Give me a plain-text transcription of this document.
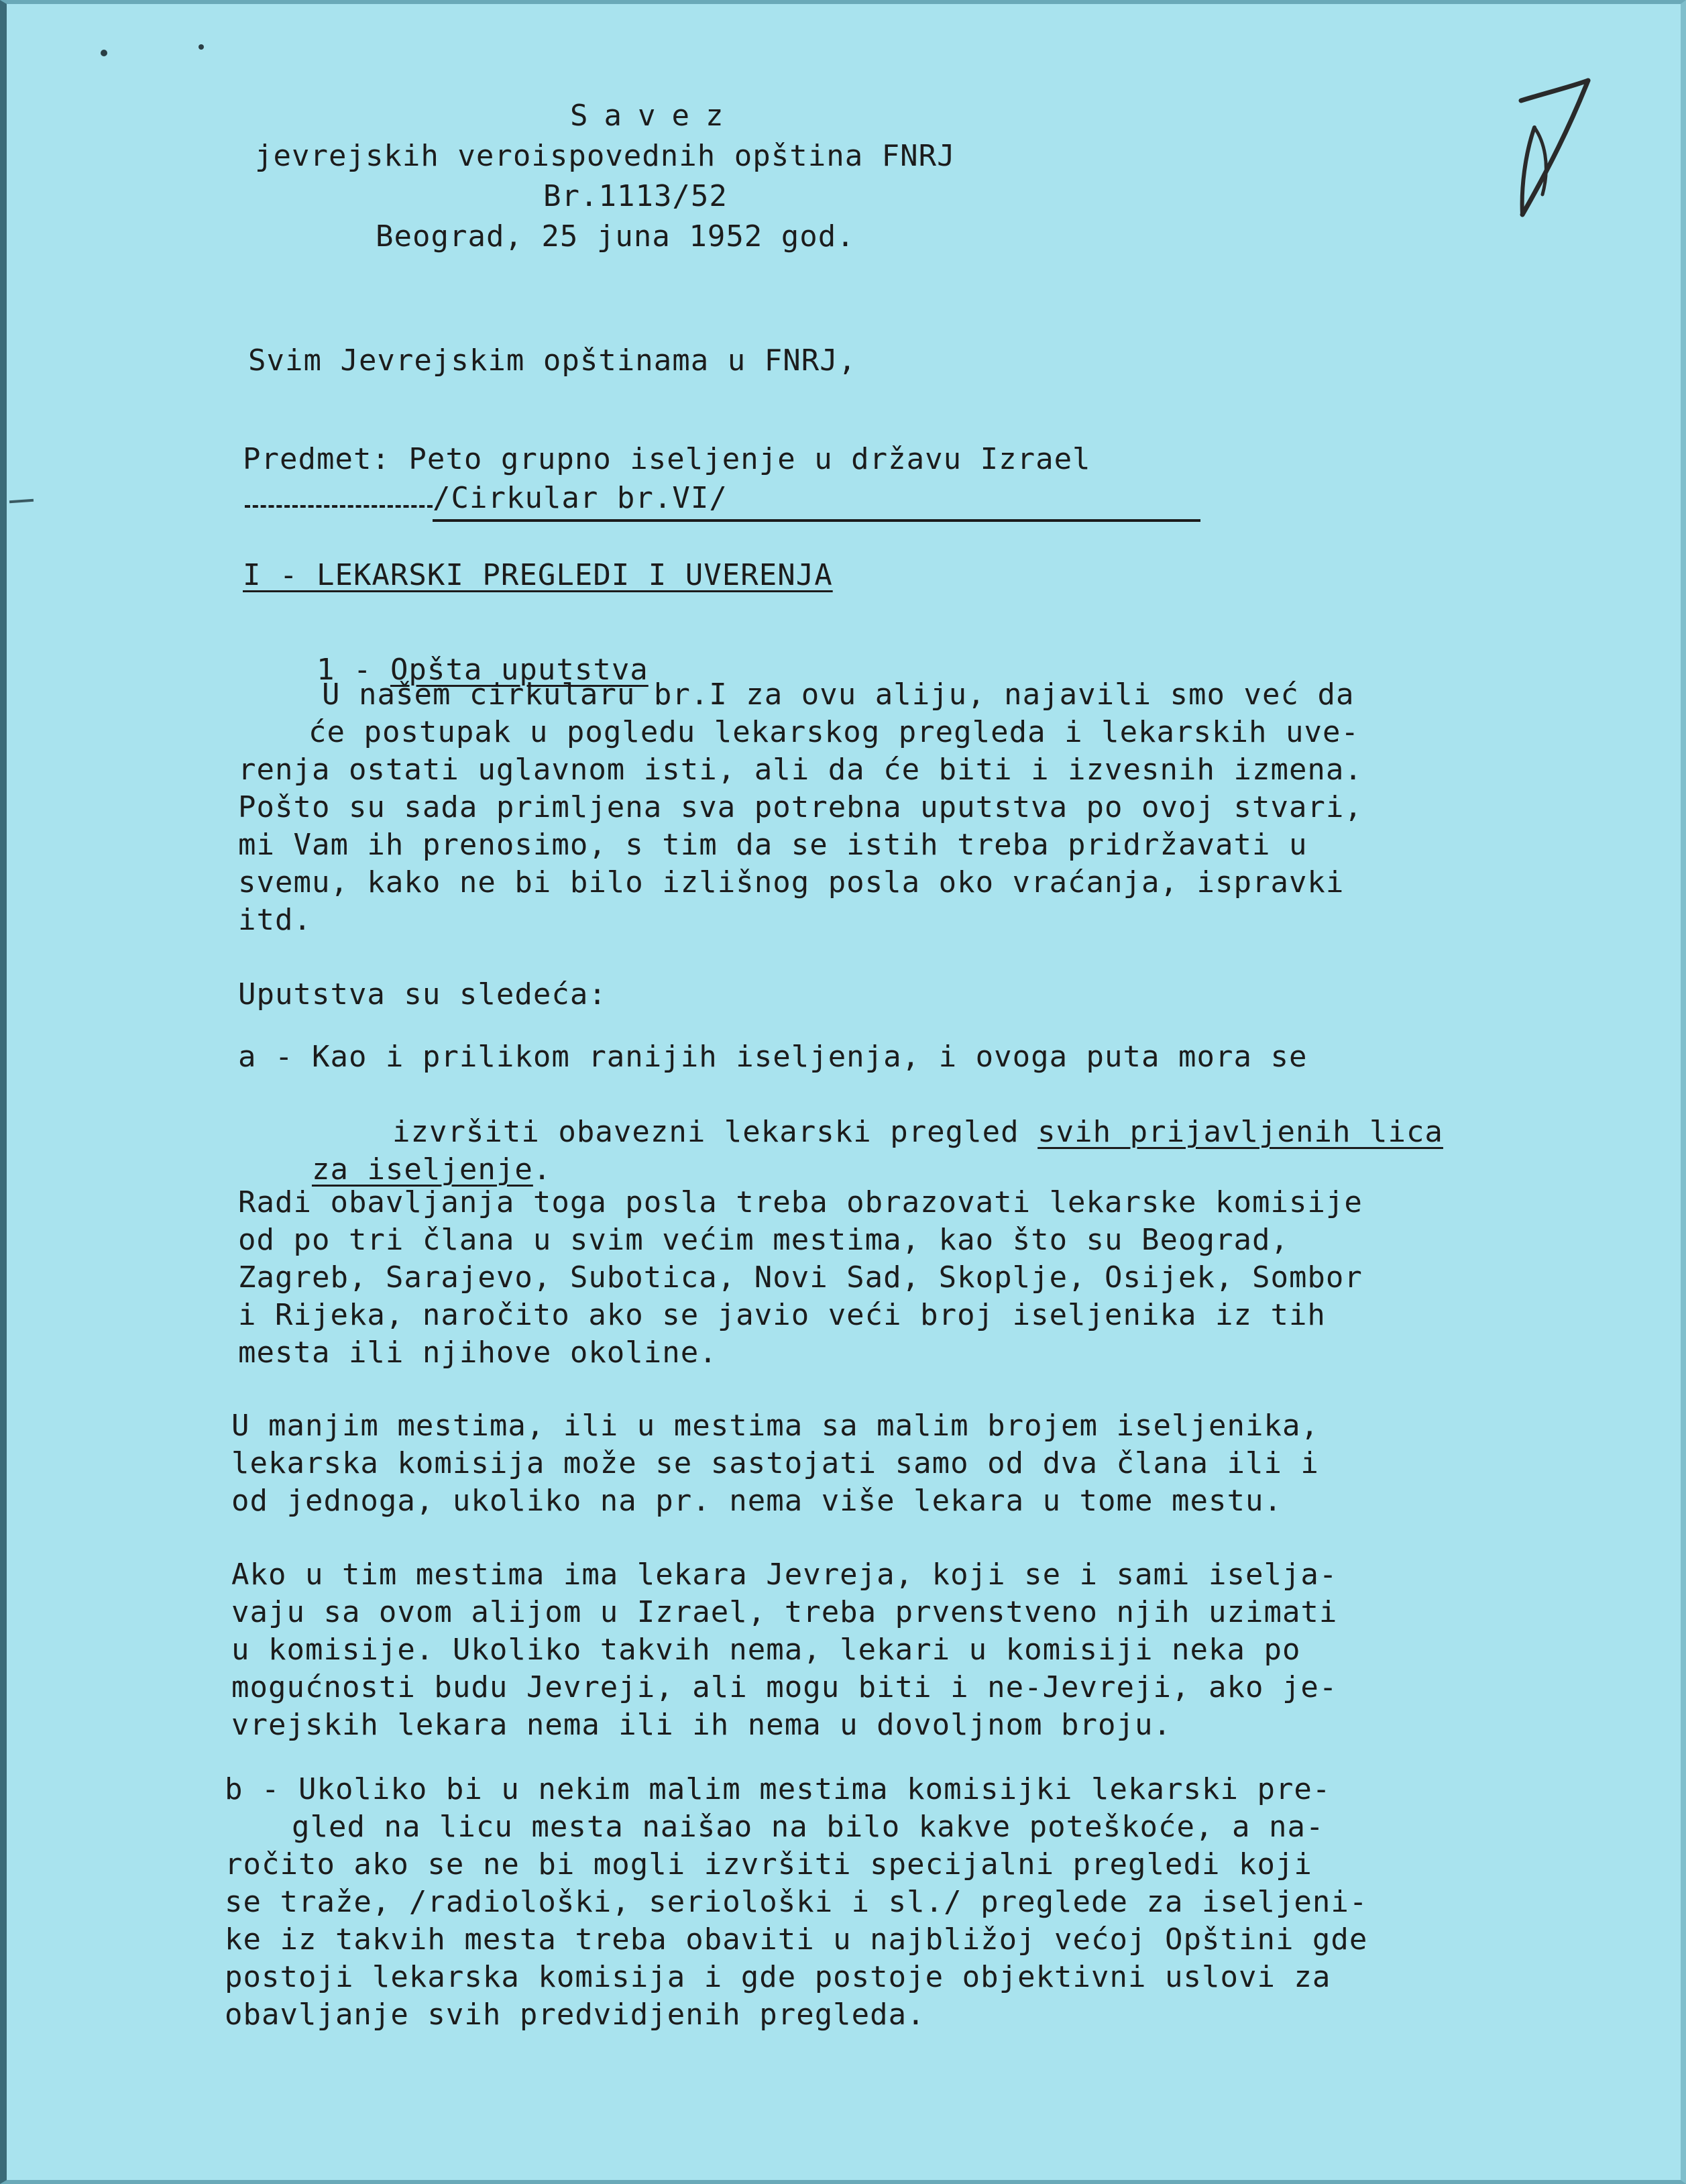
Savez
jevrejskih veroispovednih opština FNRJ
Br.1113/52
Beograd, 25 juna 1952 god.
Svim Jevrejskim opštinama u FNRJ,
Predmet: Peto grupno iseljenje u državu Izrael
/Cirkular br.VI/
I - LEKARSKI PREGLEDI I UVERENJA

1 - Opšta uputstva

U našem cirkularu br.I za ovu aliju, najavili smo već da
će postupak u pogledu lekarskog pregleda i lekarskih uve-
renja ostati uglavnom isti, ali da će biti i izvesnih izmena.
Pošto su sada primljena sva potrebna uputstva po ovoj stvari,
mi Vam ih prenosimo, s tim da se istih treba pridržavati u
svemu, kako ne bi bilo izlišnog posla oko vraćanja, ispravki
itd.
Uputstva su sledeća:
a - Kao i prilikom ranijih iseljenja, i ovoga puta mora se

izvršiti obavezni lekarski pregled svih prijavljenih lica

za iseljenje.

Radi obavljanja toga posla treba obrazovati lekarske komisije
od po tri člana u svim većim mestima, kao što su Beograd,
Zagreb, Sarajevo, Subotica, Novi Sad, Skoplje, Osijek, Sombor
i Rijeka, naročito ako se javio veći broj iseljenika iz tih
mesta ili njihove okoline.
U manjim mestima, ili u mestima sa malim brojem iseljenika,
lekarska komisija može se sastojati samo od dva člana ili i
od jednoga, ukoliko na pr. nema više lekara u tome mestu.
Ako u tim mestima ima lekara Jevreja, koji se i sami iselja-
vaju sa ovom alijom u Izrael, treba prvenstveno njih uzimati
u komisije. Ukoliko takvih nema, lekari u komisiji neka po
mogućnosti budu Jevreji, ali mogu biti i ne-Jevreji, ako je-
vrejskih lekara nema ili ih nema u dovoljnom broju.
b - Ukoliko bi u nekim malim mestima komisijki lekarski pre-
gled na licu mesta naišao na bilo kakve poteškoće, a na-
ročito ako se ne bi mogli izvršiti specijalni pregledi koji
se traže, /radiološki, seriološki i sl./ preglede za iseljeni-
ke iz takvih mesta treba obaviti u najbližoj većoj Opštini gde
postoji lekarska komisija i gde postoje objektivni uslovi za
obavljanje svih predvidjenih pregleda.
